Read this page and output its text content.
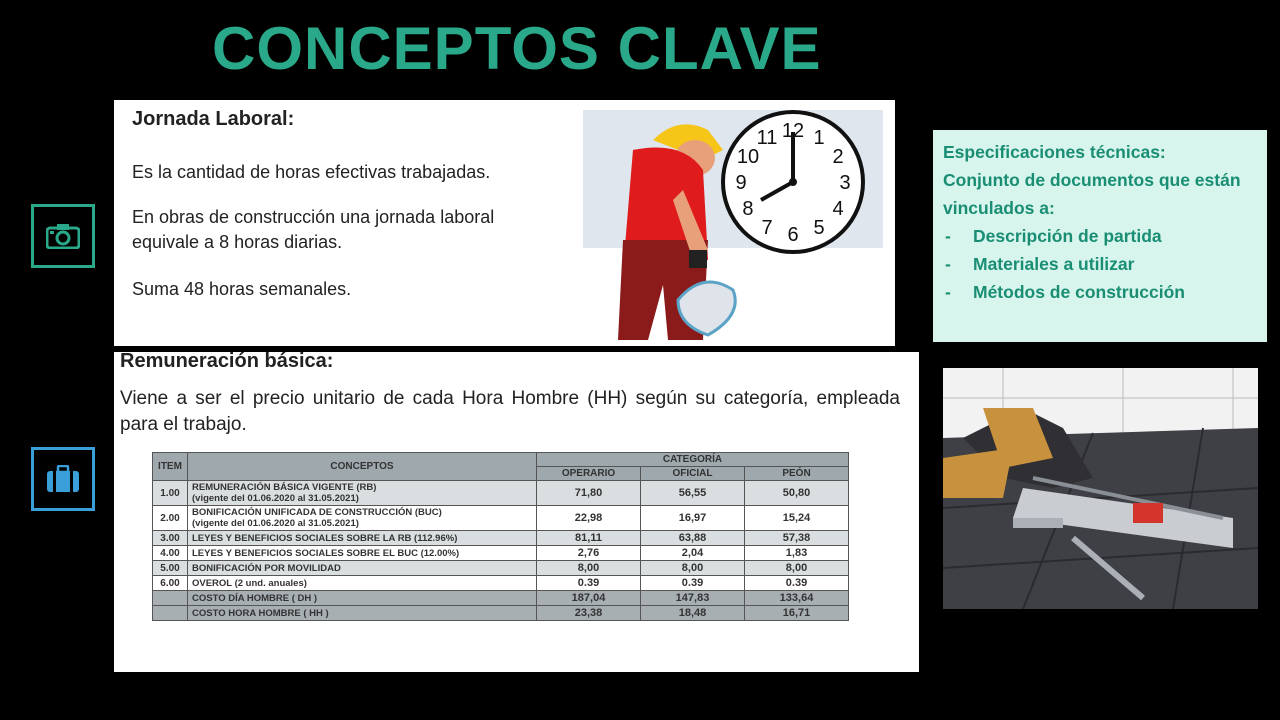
CONCEPTOS CLAVE
Jornada Laboral:
Es la cantidad de horas efectivas trabajadas.
En obras de construcción una jornada laboral equivale a 8 horas diarias.
Suma 48 horas semanales.
12 1
2
3
4
5
6
7
8
9
10
11
Especificaciones técnicas:
Conjunto de documentos que están vinculados a:
- Descripción de partida
- Materiales a utilizar
- Métodos de construcción
Remuneración básica:
Viene a ser el precio unitario de cada Hora Hombre (HH) según su categoría, empleada para el trabajo.
ITEM	CONCEPTOS	CATEGORÍA		
		OPERARIO	OFICIAL	PEÓN
1.00	REMUNERACIÓN BÁSICA VIGENTE (RB)
(vigente del 01.06.2020 al 31.05.2021)	71,80	56,55	50,80
2.00	BONIFICACIÓN UNIFICADA DE CONSTRUCCIÓN (BUC)
(vigente del 01.06.2020 al 31.05.2021)	22,98	16,97	15,24
3.00	LEYES Y BENEFICIOS SOCIALES SOBRE LA RB (112.96%)	81,11	63,88	57,38
4.00	LEYES Y BENEFICIOS SOCIALES SOBRE EL BUC (12.00%)	2,76	2,04	1,83
5.00	BONIFICACIÓN POR MOVILIDAD	8,00	8,00	8,00
6.00	OVEROL (2 und. anuales)	0.39	0.39	0.39
	COSTO DÍA HOMBRE ( DH )	187,04	147,83	133,64
	COSTO HORA HOMBRE ( HH )	23,38	18,48	16,71
